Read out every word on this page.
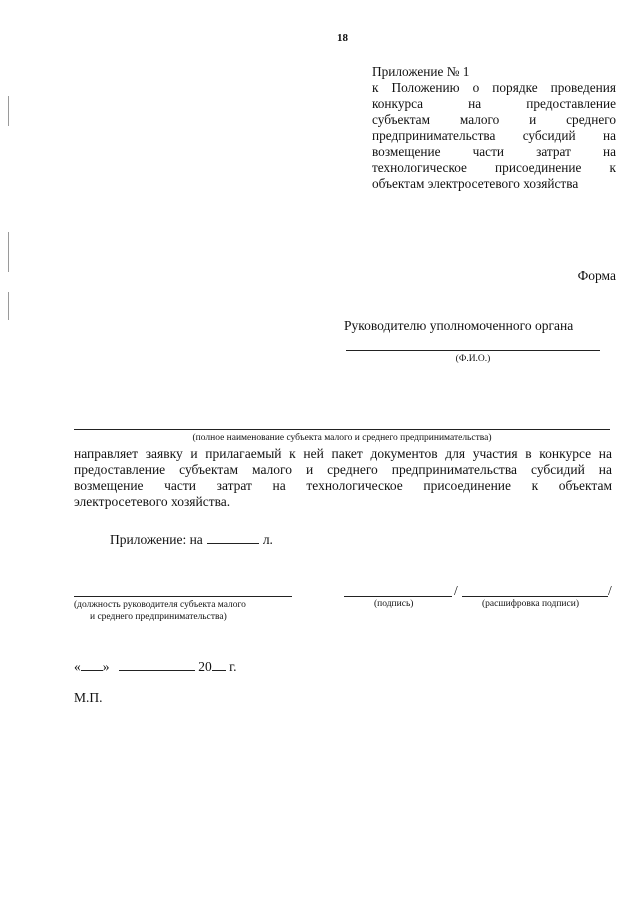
18
Приложение № 1
к Положению о порядке проведения
конкурса на предоставление
субъектам малого и среднего
предпринимательства субсидий на
возмещение части затрат на
технологическое присоединение к
объектам электросетевого хозяйства
Форма
Руководителю уполномоченного органа
(Ф.И.О.)
(полное наименование субъекта малого и среднего предпринимательства)
направляет заявку и прилагаемый к ней пакет документов для участия в конкурсе на
предоставление субъектам малого и среднего предпринимательства субсидий на
возмещение части затрат на технологическое присоединение к объектам
электросетевого хозяйства.
Приложение: на	л.
(должность руководителя субъекта малого
и среднего предпринимательства)
/	/
(подпись)	(расшифровка подписи)
« »	20 г.
М.П.
